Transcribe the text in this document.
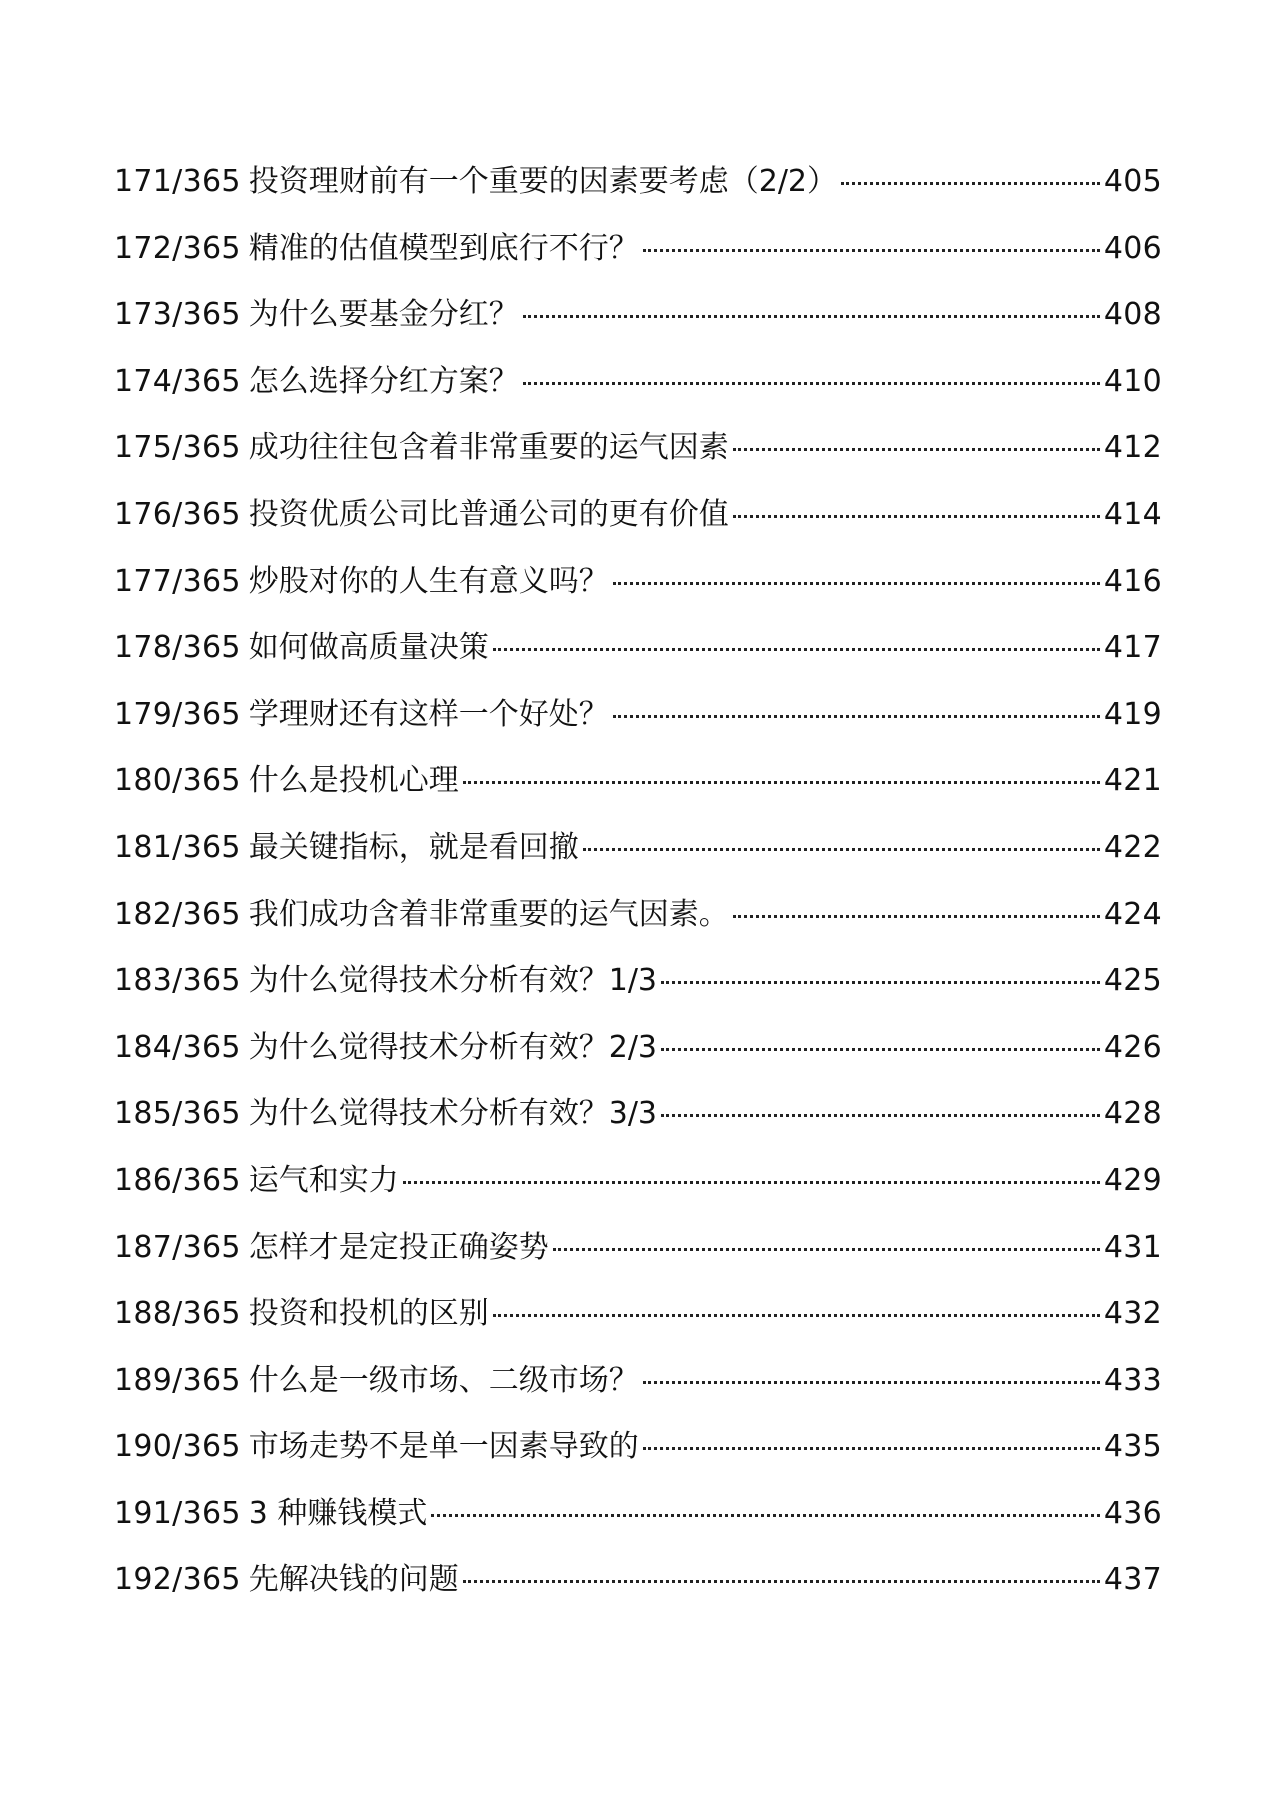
171/365 投资理财前有一个重要的因素要考虑（2/2）	405
172/365 精准的估值模型到底行不行？	406
173/365 为什么要基金分红？	408
174/365 怎么选择分红方案？	410
175/365 成功往往包含着非常重要的运气因素	412
176/365 投资优质公司比普通公司的更有价值	414
177/365 炒股对你的人生有意义吗？	416
178/365 如何做高质量决策	417
179/365 学理财还有这样一个好处？	419
180/365 什么是投机心理	421
181/365 最关键指标，就是看回撤	422
182/365 我们成功含着非常重要的运气因素。	424
183/365 为什么觉得技术分析有效？1/3	425
184/365 为什么觉得技术分析有效？2/3	426
185/365 为什么觉得技术分析有效？3/3	428
186/365 运气和实力	429
187/365 怎样才是定投正确姿势	431
188/365 投资和投机的区别	432
189/365 什么是一级市场、二级市场？	433
190/365 市场走势不是单一因素导致的	435
191/365 3 种赚钱模式	436
192/365 先解决钱的问题	437
